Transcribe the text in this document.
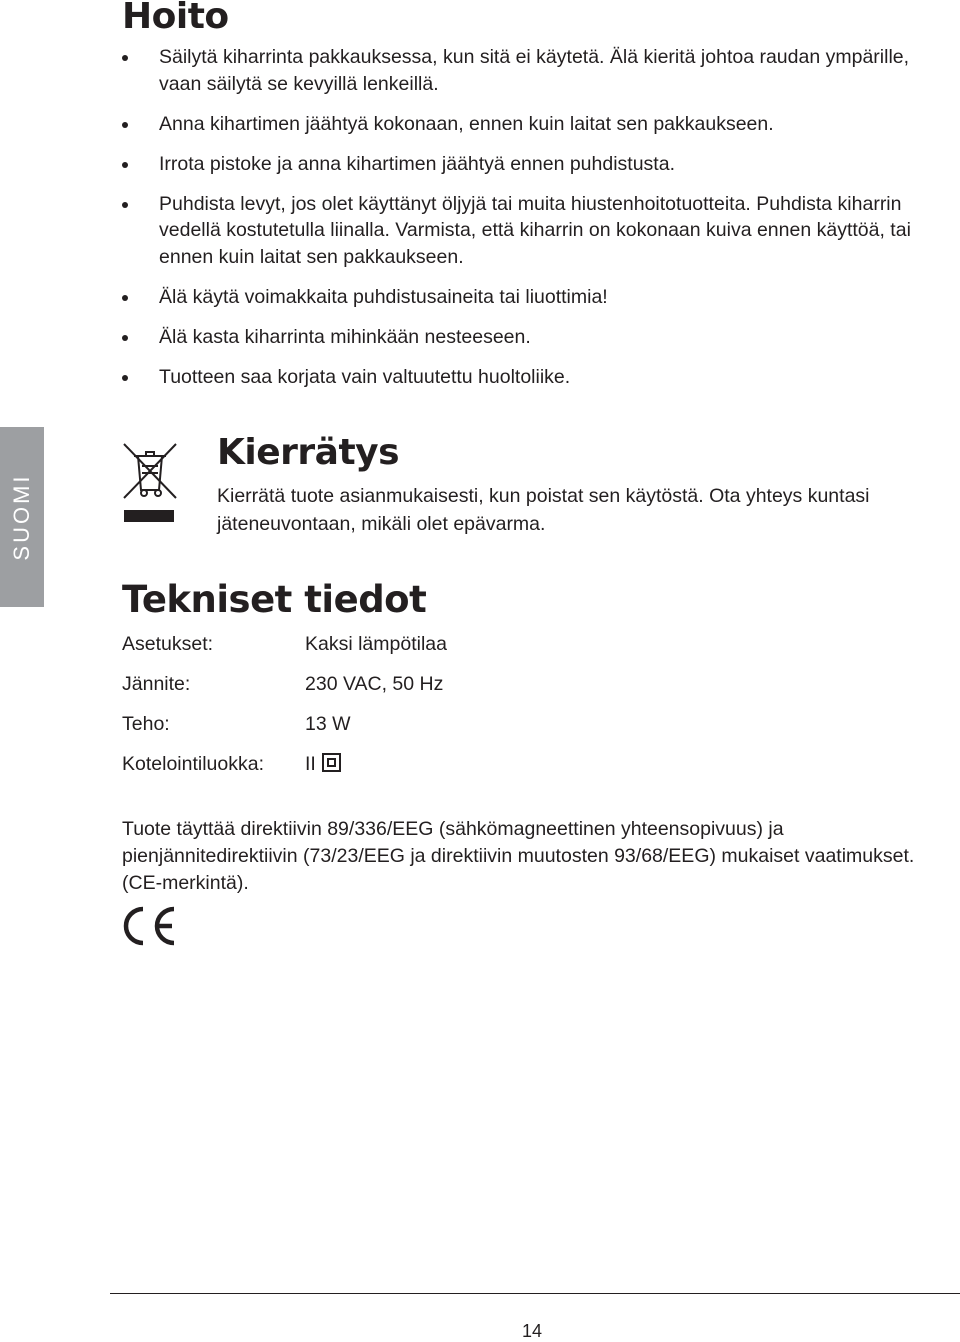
Hoito
Säilytä kiharrinta pakkauksessa, kun sitä ei käytetä. Älä kieritä johtoa raudan ympärille, vaan säilytä se kevyillä lenkeillä.
Anna kihartimen jäähtyä kokonaan, ennen kuin laitat sen pakkaukseen.
Irrota pistoke ja anna kihartimen jäähtyä ennen puhdistusta.
Puhdista levyt, jos olet käyttänyt öljyjä tai muita hiustenhoitotuotteita. Puhdista kiharrin vedellä kostutetulla liinalla. Varmista, että kiharrin on kokonaan kuiva ennen käyttöä, tai ennen kuin laitat sen pakkaukseen.
Älä käytä voimakkaita puhdistusaineita tai liuottimia!
Älä kasta kiharrinta mihinkään nesteeseen.
Tuotteen saa korjata vain valtuutettu huoltoliike.
SUOMI
Kierrätys

Kierrätä tuote asianmukaisesti, kun poistat sen käytöstä. Ota yhteys kuntasi jäteneuvontaan, mikäli olet epävarma.

Tekniset tiedot
Asetukset:	Kaksi lämpötilaa
Jännite:	230 VAC, 50 Hz
Teho:	13 W
Kotelointiluokka: II

Tuote täyttää direktiivin 89/336/EEG (sähkömagneettinen yhteensopivuus) ja pienjännitedirektiivin (73/23/EEG ja direktiivin muutosten 93/68/EEG) mukaiset vaatimukset. (CE-merkintä).

14
